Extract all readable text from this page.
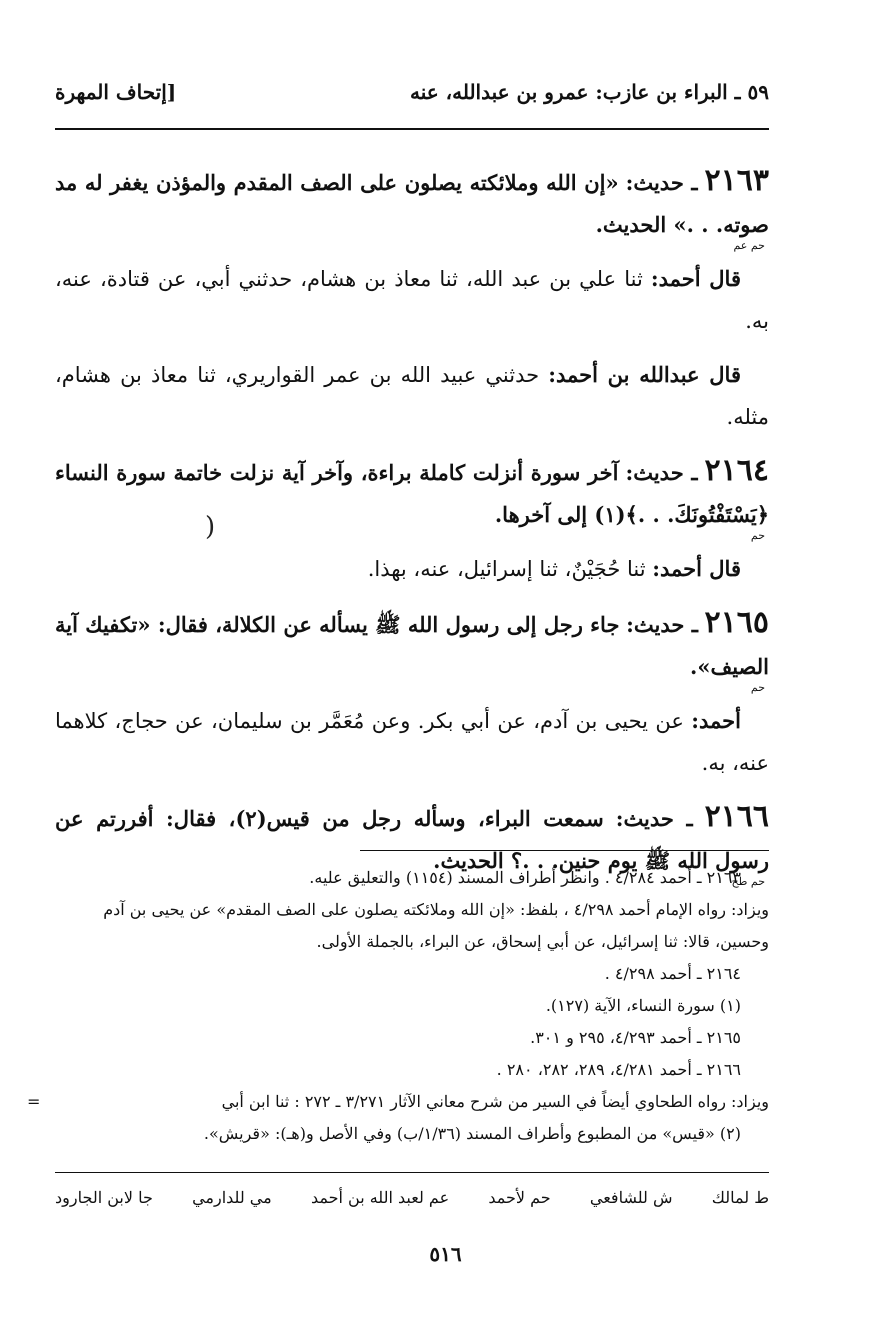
٥٩ ـ البراء بن عازب: عمرو بن عبدالله، عنه
[إتحاف المهرة
٢١٦٣ ـ حديث: «إن الله وملائكته يصلون على الصف المقدم والمؤذن يغفر له مد صوته. . .» الحديث.
حم عم

قال أحمد: ثنا علي بن عبد الله، ثنا معاذ بن هشام، حدثني أبي، عن قتادة، عنه، به.

قال عبدالله بن أحمد: حدثني عبيد الله بن عمر القواريري، ثنا معاذ بن هشام، مثله.

٢١٦٤ ـ حديث: آخر سورة أنزلت كاملة براءة، وآخر آية نزلت خاتمة سورة النساء ﴿يَسْتَفْتُونَكَ. . .﴾(١) إلى آخرها.
حم

قال أحمد: ثنا حُجَيْنٌ، ثنا إسرائيل، عنه، بهذا.

٢١٦٥ ـ حديث: جاء رجل إلى رسول الله ﷺ يسأله عن الكلالة، فقال: «تكفيك آية الصيف».
حم

أحمد: عن يحيى بن آدم، عن أبي بكر. وعن مُعَمَّر بن سليمان، عن حجاج، كلاهما عنه، به.

٢١٦٦ ـ حديث: سمعت البراء، وسأله رجل من قيس(٢)، فقال: أفررتم عن رسول الله ﷺ يوم حنين. . .؟ الحديث.
حم طح

٢١٦٣ ـ أحمد ٤/٢٨٤ . وانظر أطراف المسند (١١٥٤) والتعليق عليه.

ويزاد: رواه الإمام أحمد ٤/٢٩٨ ، بلفظ: «إن الله وملائكته يصلون على الصف المقدم» عن يحيى بن آدم وحسين، قالا: ثنا إسرائيل، عن أبي إسحاق، عن البراء، بالجملة الأولى.

٢١٦٤ ـ أحمد ٤/٢٩٨ .

(١) سورة النساء، الآية (١٢٧).

٢١٦٥ ـ أحمد ٤/٢٩٣، ٢٩٥ و ٣٠١.

٢١٦٦ ـ أحمد ٤/٢٨١، ٢٨٩، ٢٨٢، ٢٨٠ .

ويزاد: رواه الطحاوي أيضاً في السير من شرح معاني الآثار ٣/٢٧١ ـ ٢٧٢ : ثنا ابن أبي
=

(٢) «قيس» من المطبوع وأطراف المسند (١/٣٦/ب) وفي الأصل و(هـ): «قريش».

ط لمالك
ش للشافعي
حم لأحمد
عم لعبد الله بن أحمد
مي للدارمي
جا لابن الجارود
٥١٦
(
